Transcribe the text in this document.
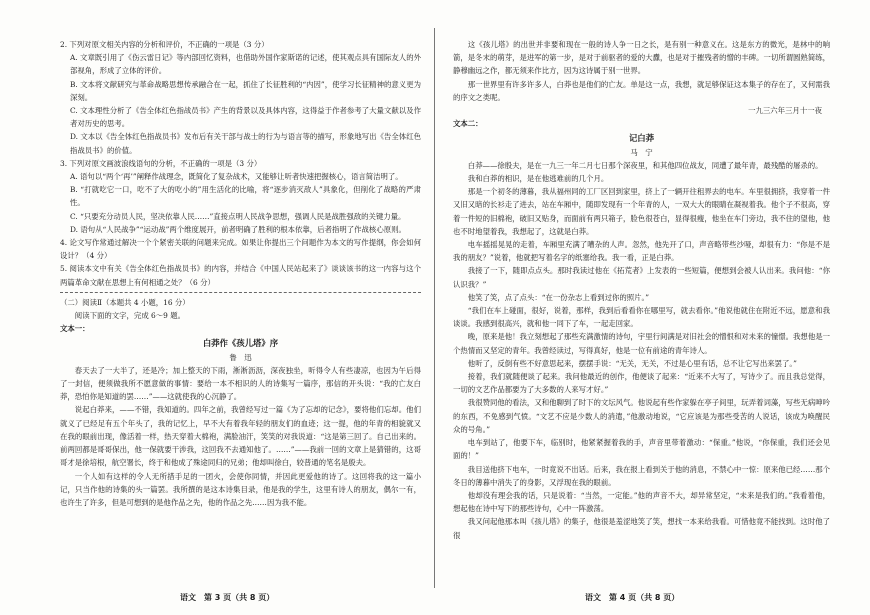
2. 下列对原文相关内容的分析和评价，不正确的一项是（3 分）

A. 文章既引用了《伤云雷日记》等内部回忆资料，也借助外国作家斯诺的记述，使其观点具有国际友人的外部视角，形成了立体的评价。

B. 文本将文献研究与革命战略思想传承融合在一起，抓住了长征胜利的“内因”，使学习长征精神的意义更为深刻。

C. 文本理性分析了《告全体红色指战员书》产生的背景以及具体内容，这得益于作者参考了大量文献以及作者对历史的思考。

D. 文本以《告全体红色指战员书》发布后有关干部与战士的行为与语言等的描写，形象地写出《告全体红色指战员书》的价值。

3. 下列对原文画波浪线语句的分析，不正确的一项是（3 分）

A. 语句以“两个‘再’”阐释作战理念，既简化了复杂战术，又能够让听者快速把握核心，语言简洁明了。

B. “打就吃它一口，吃不了大的吃小的”用生活化的比喻，将“逐步消灭敌人”具象化，但削化了战略的严肃性。

C. “只要充分动员人民，坚决依靠人民……”直接点明人民战争思想，强调人民是战胜强敌的关键力量。

D. 语句从“人民战争”“运动战”两个维度展开，前者明确了胜利的根本依靠，后者指明了作战核心原则。

4. 论文写作常通过解决一个个紧密关联的问题来完成。如果让你提出三个问题作为本文的写作提纲，你会如何设计？（4 分）

5. 阅读本文中有关《告全体红色指战员书》的内容，并结合《中国人民站起来了》谈谈该书的这一内容与这个两篇革命文献在思想上有何相通之处？（6 分）

（二）阅读Ⅱ（本题共 4 小题，16 分）

阅读下面的文字，完成 6～9 题。

文本一：

白莽作《孩儿塔》序

鲁　迅

春天去了一大半了，还是冷；加上整天的下雨，淅淅沥沥，深夜独坐，听得令人有些凄凉，也因为午后得了一封信，便须做我所不愿意做的事情：要给一本不相识的人的诗集写一篇序，那信的开头说：“我的亡友白莽，恐怕你是知道的罢……”——这就使我的心沉静了。

说起白莽来，——不错，我知道的。四年之前，我曾经写过一篇《为了忘却的记念》，要将他们忘却。他们就义了已经足有五个年头了，我的记忆上，早不大有着我年轻的朋友们的血迹；这一提，他的年青的相貌就又在我的眼前出现，像活着一样，热天穿着大棉袍，满脸油汗，笑笑的对我说道：“这是第三回了。自己出来的。前两回都是哥哥保出，他一保就要干涉我，这回我不去通知他了。……”——我前一回的文章上是猜错的，这哥哥才是徐培根，航空署长，终于和他成了殊途同归的兄弟；他却叫徐白，较普通的笔名是殷夫。

一个人如有这样的令人无所措手足的一团火，会使你同情，并因此更爱他的诗了。这回将我的这一篇小记，只当作他的诗集的头一篇罢。我所撰的是这本诗集目录，他是我的学生，这里有诗人的朋友，偶尔一有，也许生了许多，但是可想到的是他作品之先，他的作品之先……因为我不能。

语文　第 3 页（共 8 页）

这《孩儿塔》的出世并非要和现在一般的诗人争一日之长，是有别一种意义在。这是东方的微光，是林中的响箭，是冬末的萌芽，是进军的第一步，是对于前驱者的爱的大纛，也是对于摧残者的憎的丰碑。一切所谓圆熟简练，静穆幽远之作，都无须来作比方，因为这诗属于别一世界。

那一世界里有许多许多人，白莽也是他们的亡友。单是这一点，我想，就足够保证这本集子的存在了，又何需我的序文之类呢。

一九三六年三月十一夜

文本二：

记白莽

马　宁

白莽——徐殷夫，是在一九三一年二月七日那个深夜里，和其他四位战友，同遭了最年青，最残酷的屠杀的。

我和白莽的相识，是在他逃难前的几个月。

那是一个初冬的薄暮，我从福州同的工厂区回到家里，挤上了一辆开往租界去的电车。车里很拥挤，我穿着一件又旧又暗的长衫走了进去，站在车厢中，随即发现有一个年青的人，一双大大的眼睛在凝视着我。他个子不很高，穿着一件短的旧棉袍，破旧又贴身，而面前有两只箱子，脸色很苍白，显得很瘦，他坐在车门旁边，我不住的望他，他也不时地望着我，我想起了，这就是白莽。

电车摇摇晃晃的走着，车厢里充满了嘈杂的人声。忽然，他先开了口，声音略带些沙哑，却很有力：“你是不是我的朋友？”说着，他就把写着名字的纸塞给我。我一看，正是白莽。

我接了一下，随即点点头。那时我读过他在《拓荒者》上发表的一些短篇，便想到会被人认出来。我问他：“你认识我？”

他笑了笑，点了点头：“在一份杂志上看到过你的照片。”

“我们在车上碰面，很好，说着，那样，我到后看看你在哪里写，就去看你。”他说他就住在附近不远，愿意和我谈谈。我感到很高兴，就和他一同下了车，一起走回家。

晚，原来是他！我立刻想起了那些充满激情的诗句，宇里行间满是对旧社会的憎恨和对未来的憧憬。我想他是一个热情而又坚定的青年。我曾经读过，写得真好，他是一位有前途的青年诗人。

他听了，反倒有些不好意思起来，摆摆手说：“无关，无关，不过是心里有话，总不让它写出来罢了。”

接着，我们就随便谈了起来。我问他最近的创作，他便谈了起来：“近来不大写了，写诗少了。而且我总觉得，一切的文艺作品都要为了大多数的人来写才好。”

我很赞同他的看法，又和他聊到了时下的文坛风气。他说起有些作家躲在亭子间里，玩弄着词藻，写些无病呻吟的东西，不免感到气愤。“文艺不应是少数人的消遣，”他激动地说，“它应该是为那些受苦的人说话，该成为唤醒民众的号角。”

电车到站了，他要下车，临别时，他紧紧握着我的手，声音里带着激动：“保重。”他说，“你保重，我们还会见面的！”

我目送他挤下电车，一时竟说不出话。后来，我在报上看到关于他的消息，不禁心中一惊：原来他已经……那个冬日的薄暮中消失了的身影，又浮现在我的眼前。

他却没有理会我的话，只是说着：“当然，一定能。”他的声音不大，却异常坚定，“未来是我们的。”我看着他，想起他在诗中写下的那些诗句，心中一阵激荡。

我又问起他那本叫《孩儿塔》的集子，他很是羞涩地笑了笑，想找一本来给我看。可惜他竟不能找到。这时他了很

语文　第 4 页（共 8 页）
